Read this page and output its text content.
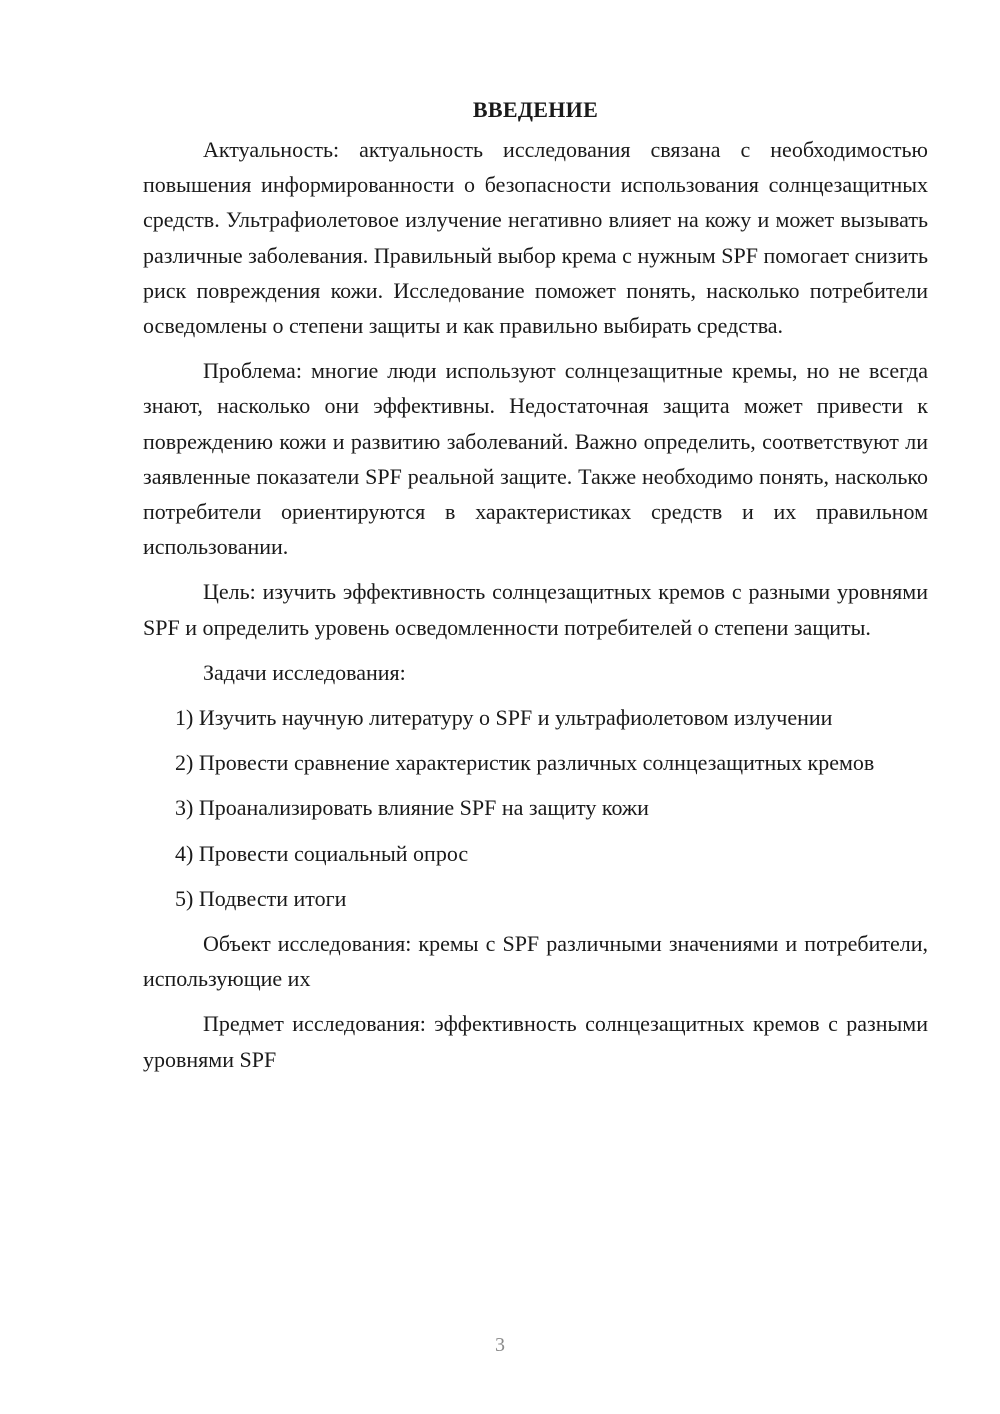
ВВЕДЕНИЕ

Актуальность: актуальность исследования связана с необходимостью повышения информированности о безопасности использования солнцезащитных средств. Ультрафиолетовое излучение негативно влияет на кожу и может вызывать различные заболевания. Правильный выбор крема с нужным SPF помогает снизить риск повреждения кожи. Исследование поможет понять, насколько потребители осведомлены о степени защиты и как правильно выбирать средства.

Проблема: многие люди используют солнцезащитные кремы, но не всегда знают, насколько они эффективны. Недостаточная защита может привести к повреждению кожи и развитию заболеваний. Важно определить, соответствуют ли заявленные показатели SPF реальной защите. Также необходимо понять, насколько потребители ориентируются в характеристиках средств и их правильном использовании.

Цель: изучить эффективность солнцезащитных кремов с разными уровнями SPF и определить уровень осведомленности потребителей о степени защиты.

Задачи исследования:

1) Изучить научную литературу о SPF и ультрафиолетовом излучении

2) Провести сравнение характеристик различных солнцезащитных кремов

3) Проанализировать влияние SPF на защиту кожи

4) Провести социальный опрос

5) Подвести итоги

Объект исследования: кремы с SPF различными значениями и потребители, использующие их

Предмет исследования: эффективность солнцезащитных кремов с разными уровнями SPF

3
